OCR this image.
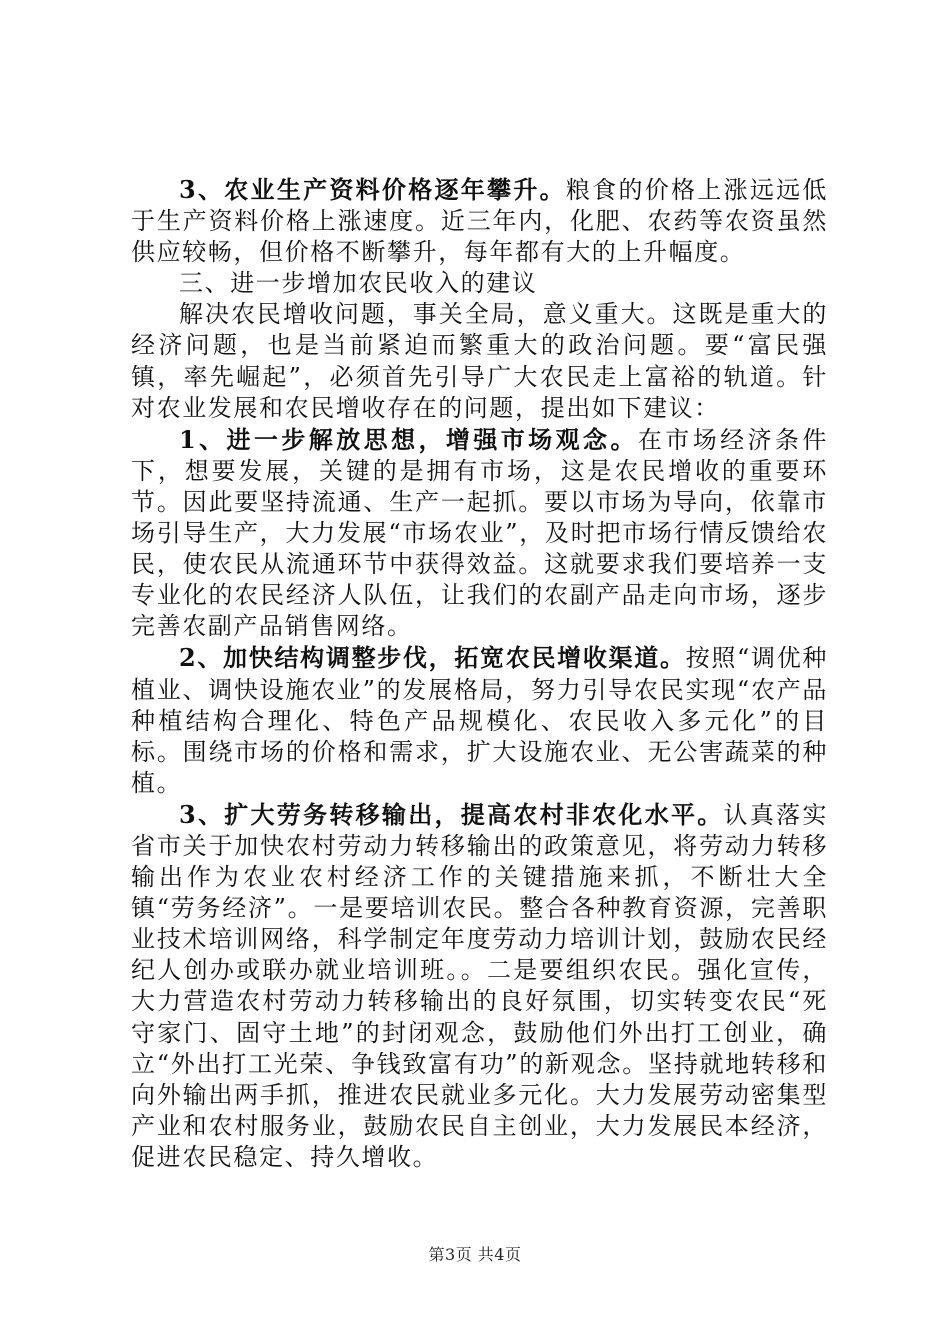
3、农业生产资料价格逐年攀升。粮食的价格上涨远远低于生产资料价格上涨速度。近三年内，化肥、农药等农资虽然供应较畅，但价格不断攀升，每年都有大的上升幅度。

三、进一步增加农民收入的建议

解决农民增收问题，事关全局，意义重大。这既是重大的经济问题，也是当前紧迫而繁重大的政治问题。要“富民强镇，率先崛起”，必须首先引导广大农民走上富裕的轨道。针对农业发展和农民增收存在的问题，提出如下建议：

1、进一步解放思想，增强市场观念。在市场经济条件下，想要发展，关键的是拥有市场，这是农民增收的重要环节。因此要坚持流通、生产一起抓。要以市场为导向，依靠市场引导生产，大力发展“市场农业”，及时把市场行情反馈给农民，使农民从流通环节中获得效益。这就要求我们要培养一支专业化的农民经济人队伍，让我们的农副产品走向市场，逐步完善农副产品销售网络。

2、加快结构调整步伐，拓宽农民增收渠道。按照“调优种植业、调快设施农业”的发展格局，努力引导农民实现“农产品种植结构合理化、特色产品规模化、农民收入多元化”的目标。围绕市场的价格和需求，扩大设施农业、无公害蔬菜的种植。

3、扩大劳务转移输出，提高农村非农化水平。认真落实省市关于加快农村劳动力转移输出的政策意见，将劳动力转移输出作为农业农村经济工作的关键措施来抓，不断壮大全镇“劳务经济”。一是要培训农民。整合各种教育资源，完善职业技术培训网络，科学制定年度劳动力培训计划，鼓励农民经纪人创办或联办就业培训班。。二是要组织农民。强化宣传，大力营造农村劳动力转移输出的良好氛围，切实转变农民“死守家门、固守土地”的封闭观念，鼓励他们外出打工创业，确立“外出打工光荣、争钱致富有功”的新观念。坚持就地转移和向外输出两手抓，推进农民就业多元化。大力发展劳动密集型产业和农村服务业，鼓励农民自主创业，大力发展民本经济，促进农民稳定、持久增收。

第3页 共4页
